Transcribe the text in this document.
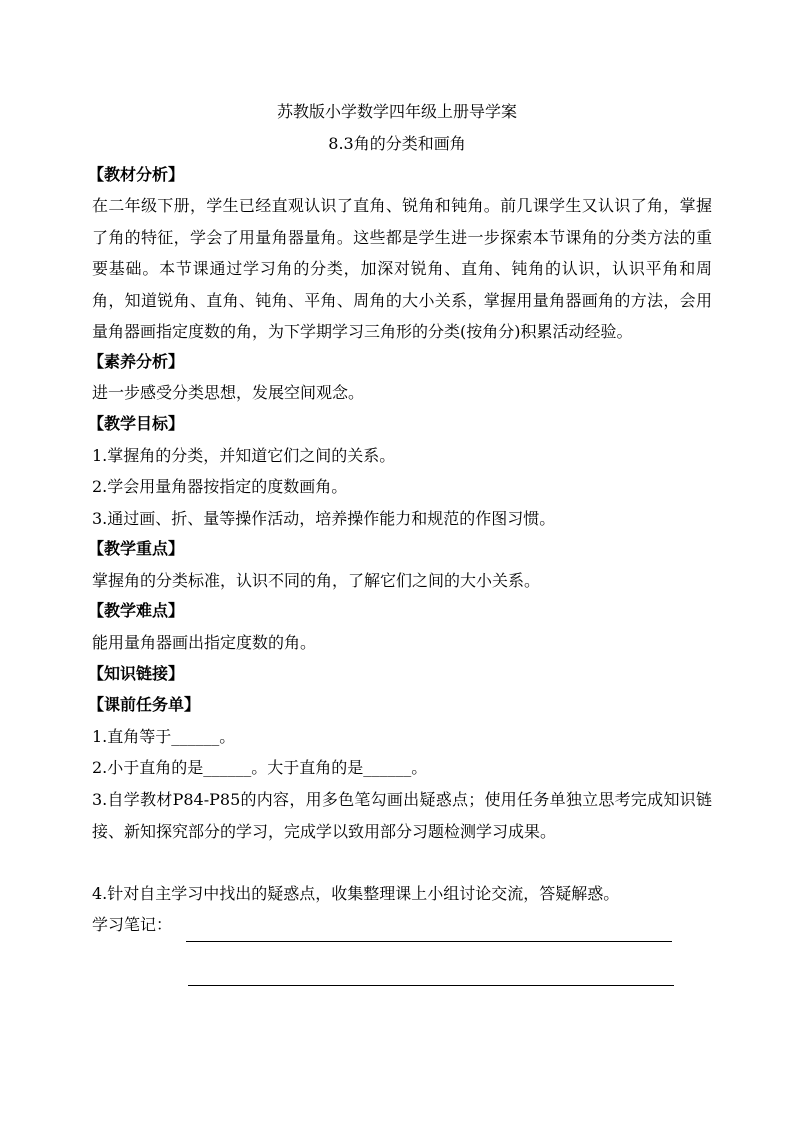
苏教版小学数学四年级上册导学案
8.3角的分类和画角
【教材分析】
在二年级下册，学生已经直观认识了直角、锐角和钝角。前几课学生又认识了角，掌握了角的特征，学会了用量角器量角。这些都是学生进一步探索本节课角的分类方法的重要基础。本节课通过学习角的分类，加深对锐角、直角、钝角的认识，认识平角和周角，知道锐角、直角、钝角、平角、周角的大小关系，掌握用量角器画角的方法，会用量角器画指定度数的角，为下学期学习三角形的分类(按角分)积累活动经验。
【素养分析】
进一步感受分类思想，发展空间观念。
【教学目标】
1.掌握角的分类，并知道它们之间的关系。
2.学会用量角器按指定的度数画角。
3.通过画、折、量等操作活动，培养操作能力和规范的作图习惯。
【教学重点】
掌握角的分类标准，认识不同的角，了解它们之间的大小关系。
【教学难点】
能用量角器画出指定度数的角。
【知识链接】
【课前任务单】
1.直角等于______。
2.小于直角的是______。大于直角的是______。
3.自学教材P84-P85的内容，用多色笔勾画出疑惑点；使用任务单独立思考完成知识链接、新知探究部分的学习，完成学以致用部分习题检测学习成果。
4.针对自主学习中找出的疑惑点，收集整理课上小组讨论交流，答疑解惑。
学习笔记：
